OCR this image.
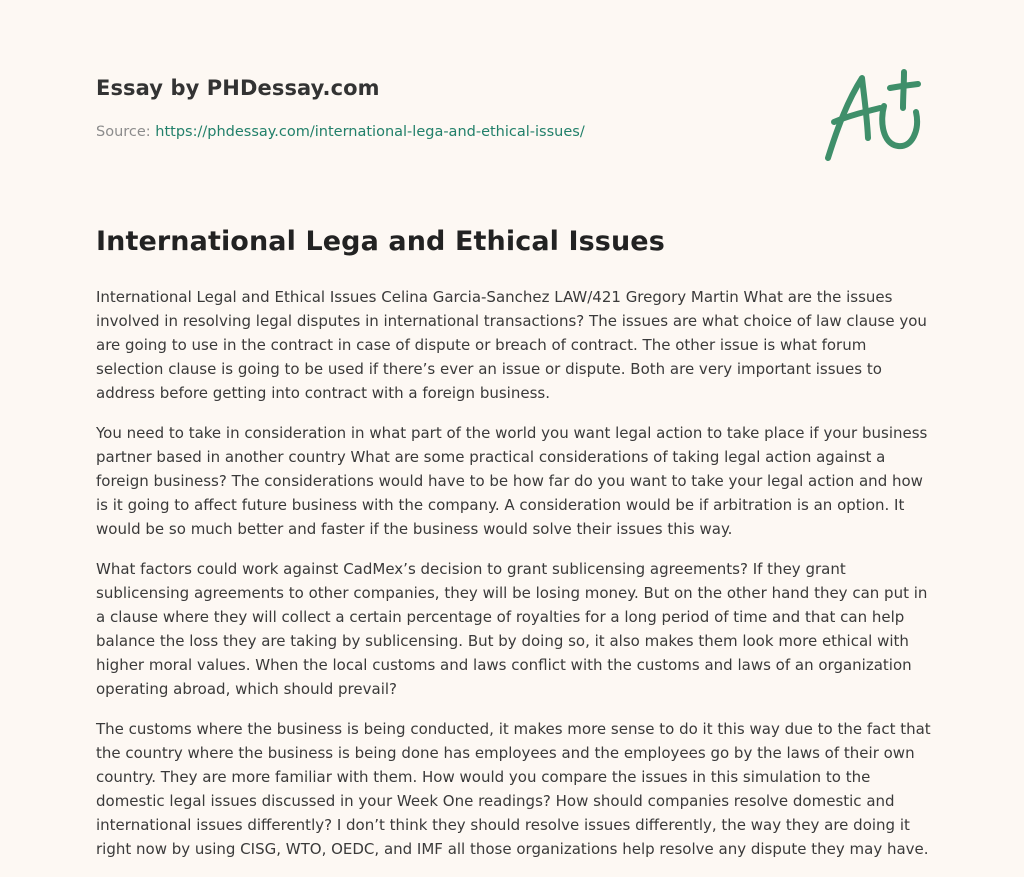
Essay by PHDessay.com
Source: https://phdessay.com/international-lega-and-ethical-issues/
International Lega and Ethical Issues

International Legal and Ethical Issues Celina Garcia-Sanchez LAW/421 Gregory Martin What are the issues involved in resolving legal disputes in international transactions? The issues are what choice of law clause you are going to use in the contract in case of dispute or breach of contract. The other issue is what forum selection clause is going to be used if there’s ever an issue or dispute. Both are very important issues to address before getting into contract with a foreign business.

You need to take in consideration in what part of the world you want legal action to take place if your business partner based in another country What are some practical considerations of taking legal action against a foreign business? The considerations would have to be how far do you want to take your legal action and how is it going to affect future business with the company. A consideration would be if arbitration is an option. It would be so much better and faster if the business would solve their issues this way.

What factors could work against CadMex’s decision to grant sublicensing agreements? If they grant sublicensing agreements to other companies, they will be losing money. But on the other hand they can put in a clause where they will collect a certain percentage of royalties for a long period of time and that can help balance the loss they are taking by sublicensing. But by doing so, it also makes them look more ethical with higher moral values. When the local customs and laws conflict with the customs and laws of an organization operating abroad, which should prevail?

The customs where the business is being conducted, it makes more sense to do it this way due to the fact that the country where the business is being done has employees and the employees go by the laws of their own country. They are more familiar with them. How would you compare the issues in this simulation to the domestic legal issues discussed in your Week One readings? How should companies resolve domestic and international issues differently? I don’t think they should resolve issues differently, the way they are doing it right now by using CISG, WTO, OEDC, and IMF all those organizations help resolve any dispute they may have.
